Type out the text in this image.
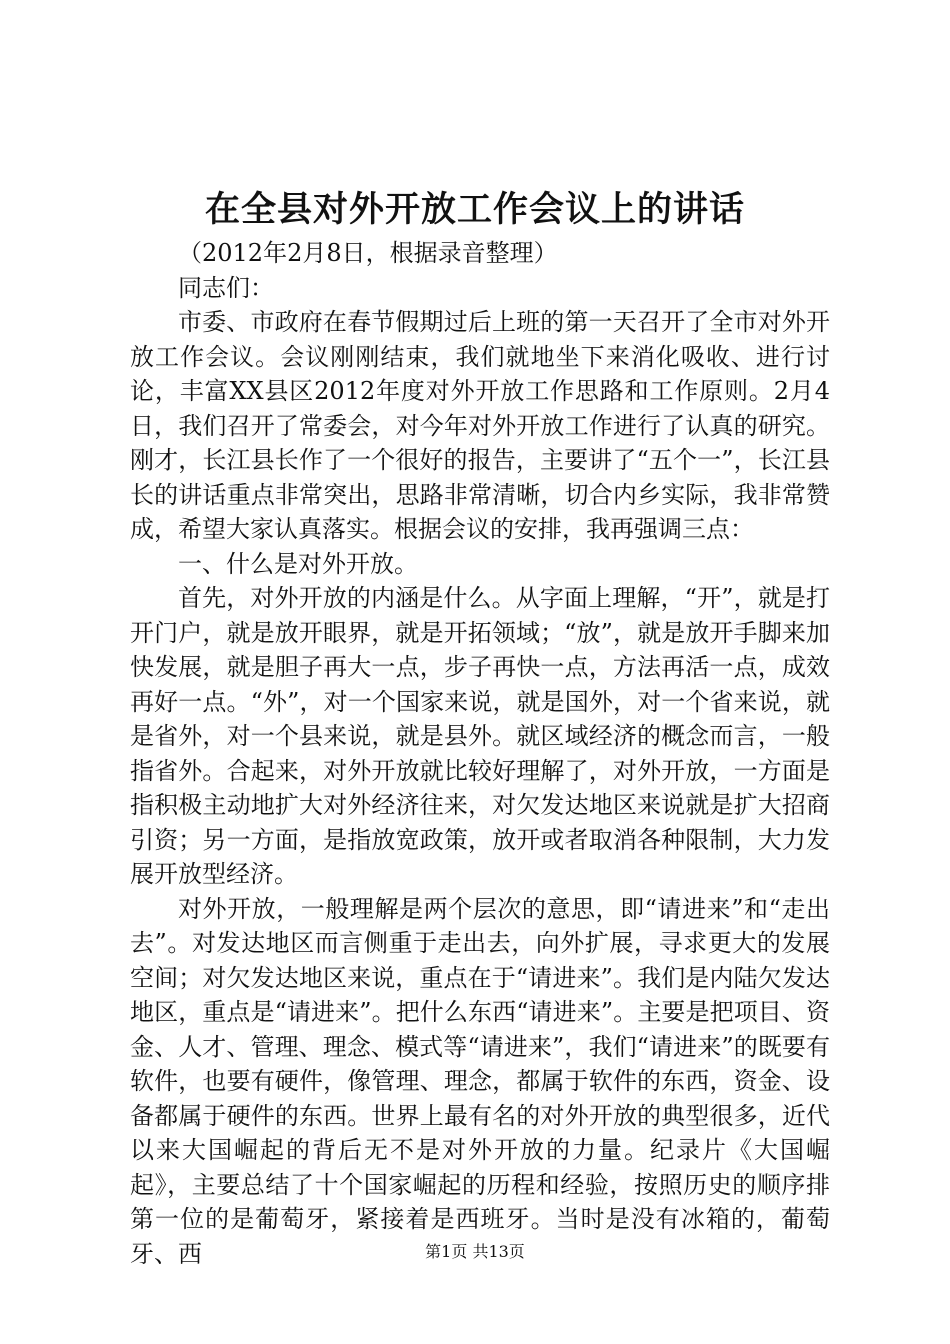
在全县对外开放工作会议上的讲话

（2012年2月8日，根据录音整理）

同志们：

市委、市政府在春节假期过后上班的第一天召开了全市对外开放工作会议。会议刚刚结束，我们就地坐下来消化吸收、进行讨论，丰富XX县区2012年度对外开放工作思路和工作原则。2月4日，我们召开了常委会，对今年对外开放工作进行了认真的研究。刚才，长江县长作了一个很好的报告，主要讲了“五个一”，长江县长的讲话重点非常突出，思路非常清晰，切合内乡实际，我非常赞成，希望大家认真落实。根据会议的安排，我再强调三点：

一、什么是对外开放。

首先，对外开放的内涵是什么。从字面上理解，“开”，就是打开门户，就是放开眼界，就是开拓领域；“放”，就是放开手脚来加快发展，就是胆子再大一点，步子再快一点，方法再活一点，成效再好一点。“外”，对一个国家来说，就是国外，对一个省来说，就是省外，对一个县来说，就是县外。就区域经济的概念而言，一般指省外。合起来，对外开放就比较好理解了，对外开放，一方面是指积极主动地扩大对外经济往来，对欠发达地区来说就是扩大招商引资；另一方面，是指放宽政策，放开或者取消各种限制，大力发展开放型经济。

对外开放，一般理解是两个层次的意思，即“请进来”和“走出去”。对发达地区而言侧重于走出去，向外扩展，寻求更大的发展空间；对欠发达地区来说，重点在于“请进来”。我们是内陆欠发达地区，重点是“请进来”。把什么东西“请进来”。主要是把项目、资金、人才、管理、理念、模式等“请进来”，我们“请进来”的既要有软件，也要有硬件，像管理、理念，都属于软件的东西，资金、设备都属于硬件的东西。世界上最有名的对外开放的典型很多，近代以来大国崛起的背后无不是对外开放的力量。纪录片《大国崛起》，主要总结了十个国家崛起的历程和经验，按照历史的顺序排第一位的是葡萄牙，紧接着是西班牙。当时是没有冰箱的，葡萄牙、西	第1页 共13页
